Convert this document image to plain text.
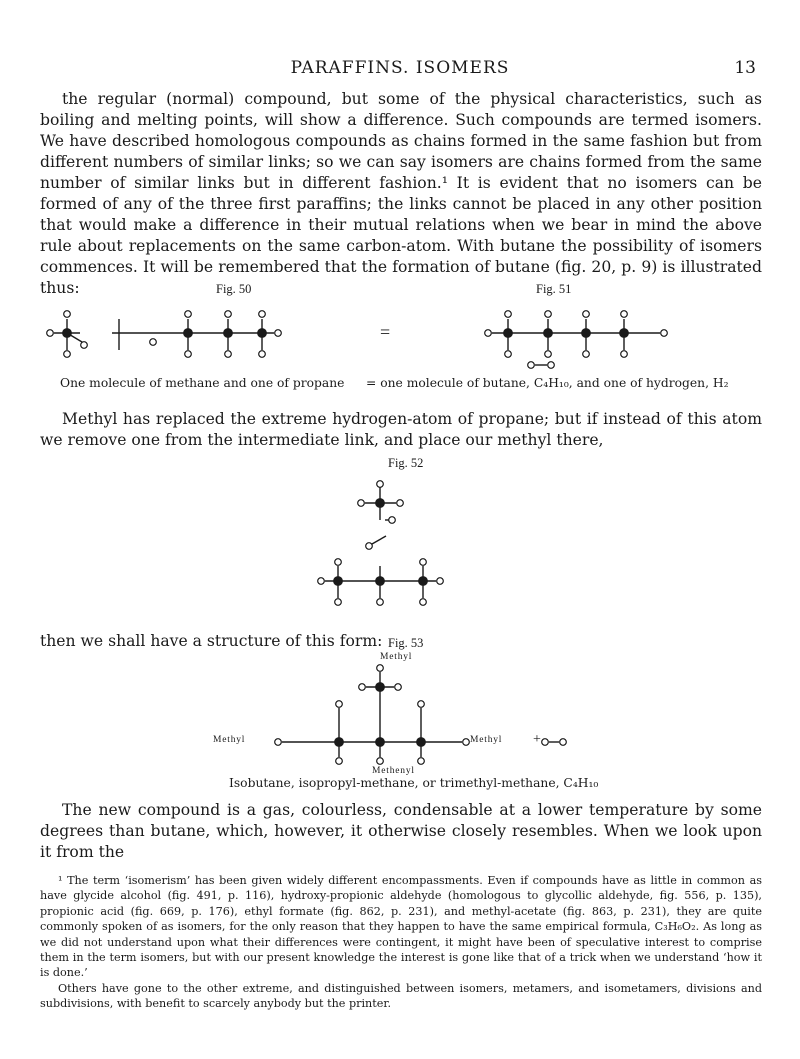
PARAFFINS. ISOMERS	13

the regular (normal) compound, but some of the physical characteristics, such as boiling and melting points, will show a difference. Such compounds are termed isomers. We have described homologous compounds as chains formed in the same fashion but from different numbers of similar links; so we can say isomers are chains formed from the same number of similar links but in different fashion.¹ It is evident that no isomers can be formed of any of the three first paraffins; the links cannot be placed in any other position that would make a difference in their mutual relations when we bear in mind the above rule about replacements on the same carbon-atom. With butane the possibility of isomers commences. It will be remembered that the formation of butane (fig. 20, p. 9) is illustrated thus:	Fig. 50	Fig. 51
=
One molecule of methane and one of propane = one molecule of butane, C₄H₁₀, and one of hydrogen, H₂

Methyl has replaced the extreme hydrogen-atom of propane; but if instead of this atom we remove one from the intermediate link, and place our methyl there,

Fig. 52

then we shall have a structure of this form: Fig. 53
Methyl
Methyl	Methyl +
Methenyl
Isobutane, isopropyl-methane, or trimethyl-methane, C₄H₁₀

The new compound is a gas, colourless, condensable at a lower temperature by some degrees than butane, which, however, it otherwise closely resembles. When we look upon it from the

¹ The term ‘isomerism’ has been given widely different encompassments. Even if compounds have as little in common as have glycide alcohol (fig. 491, p. 116), hydroxy-propionic aldehyde (homologous to glycollic aldehyde, fig. 556, p. 135), propionic acid (fig. 669, p. 176), ethyl formate (fig. 862, p. 231), and methyl-acetate (fig. 863, p. 231), they are quite commonly spoken of as isomers, for the only reason that they happen to have the same empirical formula, C₃H₆O₂. As long as we did not understand upon what their differences were contingent, it might have been of speculative interest to comprise them in the term isomers, but with our present knowledge the interest is gone like that of a trick when we understand ‘how it is done.’

Others have gone to the other extreme, and distinguished between isomers, metamers, and isometamers, divisions and subdivisions, with benefit to scarcely anybody but the printer.
